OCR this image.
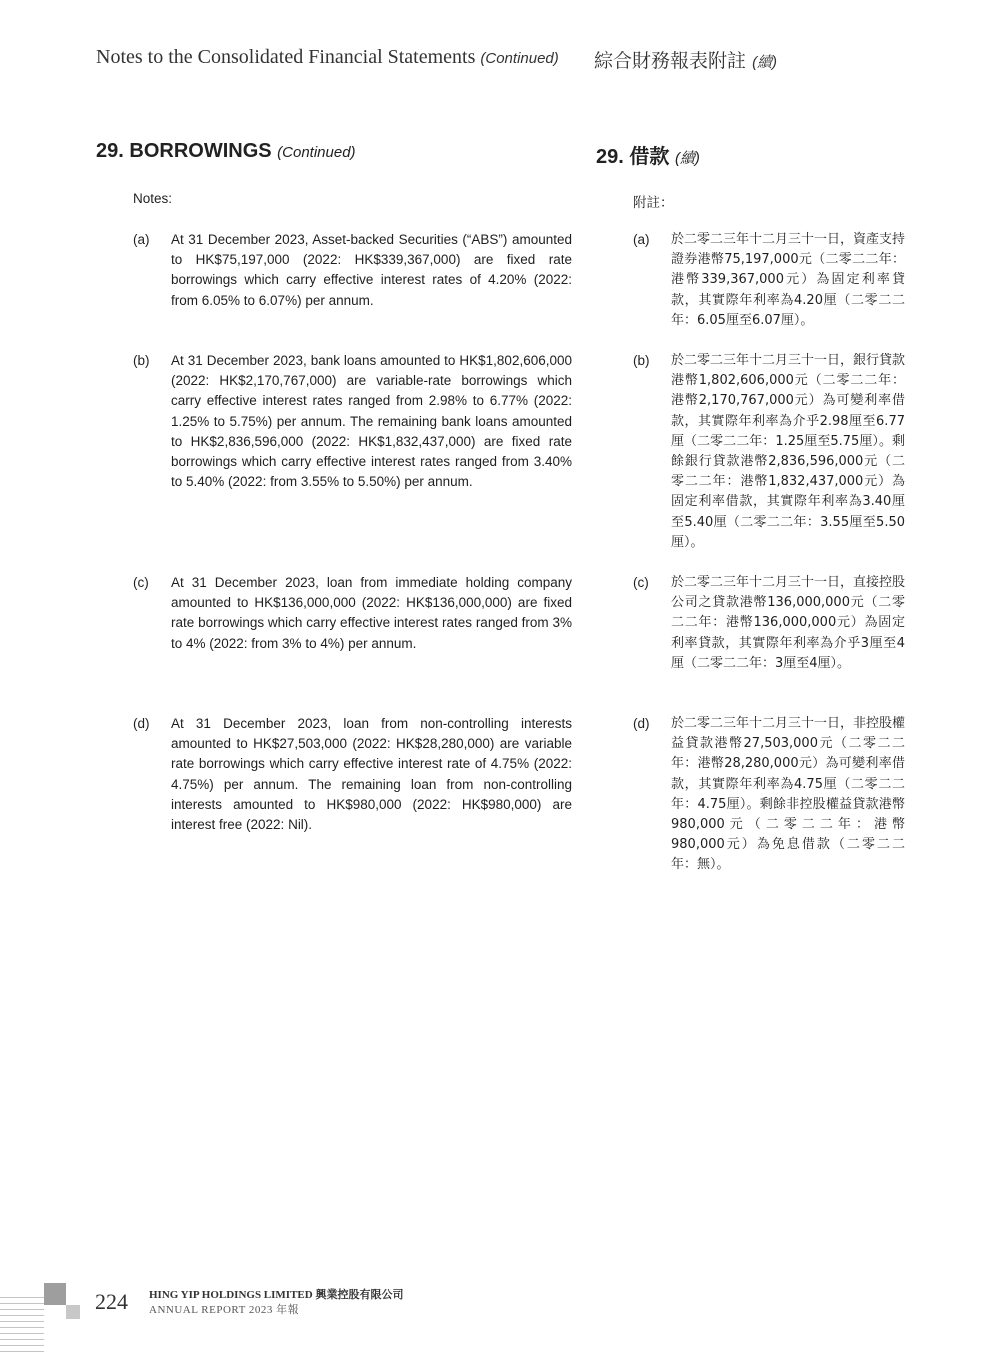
Notes to the Consolidated Financial Statements (Continued) 綜合財務報表附註 (續)
29. BORROWINGS (Continued)	29. 借款 (續)
Notes:	附註：
(a) At 31 December 2023, Asset-backed Securities (“ABS”) amounted to HK$75,197,000 (2022: HK$339,367,000) are fixed rate borrowings which carry effective interest rates of 4.20% (2022: from 6.05% to 6.07%) per annum.
(b) At 31 December 2023, bank loans amounted to HK$1,802,606,000 (2022: HK$2,170,767,000) are variable-rate borrowings which carry effective interest rates ranged from 2.98% to 6.77% (2022: 1.25% to 5.75%) per annum. The remaining bank loans amounted to HK$2,836,596,000 (2022: HK$1,832,437,000) are fixed rate borrowings which carry effective interest rates ranged from 3.40% to 5.40% (2022: from 3.55% to 5.50%) per annum.
(c) At 31 December 2023, loan from immediate holding company amounted to HK$136,000,000 (2022: HK$136,000,000) are fixed rate borrowings which carry effective interest rates ranged from 3% to 4% (2022: from 3% to 4%) per annum.
(d) At 31 December 2023, loan from non-controlling interests amounted to HK$27,503,000 (2022: HK$28,280,000) are variable rate borrowings which carry effective interest rate of 4.75% (2022: 4.75%) per annum. The remaining loan from non-controlling interests amounted to HK$980,000 (2022: HK$980,000) are interest free (2022: Nil).
(a) 於二零二三年十二月三十一日，資產支持證券港幣75,197,000元（二零二二年：港幣339,367,000元）為固定利率貸款，其實際年利率為4.20厘（二零二二年：6.05厘至6.07厘）。
(b) 於二零二三年十二月三十一日，銀行貸款港幣1,802,606,000元（二零二二年：港幣2,170,767,000元）為可變利率借款，其實際年利率為介乎2.98厘至6.77厘（二零二二年：1.25厘至5.75厘）。剩餘銀行貸款港幣2,836,596,000元（二零二二年：港幣1,832,437,000元）為固定利率借款，其實際年利率為3.40厘至5.40厘（二零二二年：3.55厘至5.50厘）。
(c) 於二零二三年十二月三十一日，直接控股公司之貸款港幣136,000,000元（二零二二年：港幣136,000,000元）為固定利率貸款，其實際年利率為介乎3厘至4厘（二零二二年：3厘至4厘）。
(d) 於二零二三年十二月三十一日，非控股權益貸款港幣27,503,000元（二零二二年：港幣28,280,000元）為可變利率借款，其實際年利率為4.75厘（二零二二年：4.75厘）。剩餘非控股權益貸款港幣980,000元（二零二二年：港幣980,000元）為免息借款（二零二二年：無）。
224 HING YIP HOLDINGS LIMITED 興業控股有限公司
ANNUAL REPORT 2023 年報
